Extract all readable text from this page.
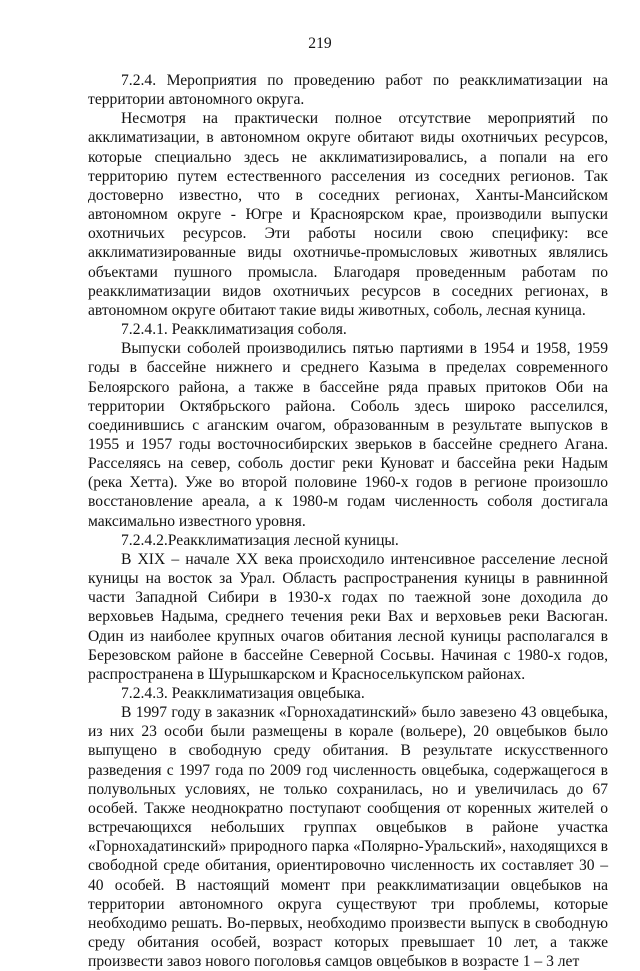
219

7.2.4. Мероприятия по проведению работ по реакклиматизации на территории автономного округа.

Несмотря на практически полное отсутствие мероприятий по акклиматизации, в автономном округе обитают виды охотничьих ресурсов, которые специально здесь не акклиматизировались, а попали на его территорию путем естественного расселения из соседних регионов. Так достоверно известно, что в соседних регионах, Ханты-Мансийском автономном округе - Югре и Красноярском крае, производили выпуски охотничьих ресурсов. Эти работы носили свою специфику: все акклиматизированные виды охотничье-промысловых животных являлись объектами пушного промысла. Благодаря проведенным работам по реакклиматизации видов охотничьих ресурсов в соседних регионах, в автономном округе обитают такие виды животных, соболь, лесная куница.

7.2.4.1. Реакклиматизация соболя.

Выпуски соболей производились пятью партиями в 1954 и 1958, 1959 годы в бассейне нижнего и среднего Казыма в пределах современного Белоярского района, а также в бассейне ряда правых притоков Оби на территории Октябрьского района. Соболь здесь широко расселился, соединившись с аганским очагом, образованным в результате выпусков в 1955 и 1957 годы восточносибирских зверьков в бассейне среднего Агана. Расселяясь на север, соболь достиг реки Куноват и бассейна реки Надым (река Хетта). Уже во второй половине 1960-х годов в регионе произошло восстановление ареала, а к 1980-м годам численность соболя достигала максимально известного уровня.

7.2.4.2.Реакклиматизация лесной куницы.

В XIX – начале XX века происходило интенсивное расселение лесной куницы на восток за Урал. Область распространения куницы в равнинной части Западной Сибири в 1930-х годах по таежной зоне доходила до верховьев Надыма, среднего течения реки Вах и верховьев реки Васюган. Один из наиболее крупных очагов обитания лесной куницы располагался в Березовском районе в бассейне Северной Сосьвы. Начиная с 1980-х годов, распространена в Шурышкарском и Красноселькупском районах.

7.2.4.3. Реакклиматизация овцебыка.

В 1997 году в заказник «Горнохадатинский» было завезено 43 овцебыка, из них 23 особи были размещены в корале (вольере), 20 овцебыков было выпущено в свободную среду обитания. В результате искусственного разведения с 1997 года по 2009 год численность овцебыка, содержащегося в полувольных условиях, не только сохранилась, но и увеличилась до 67 особей. Также неоднократно поступают сообщения от коренных жителей о встречающихся небольших группах овцебыков в районе участка «Горнохадатинский» природного парка «Полярно-Уральский», находящихся в свободной среде обитания, ориентировочно численность их составляет 30 – 40 особей. В настоящий момент при реакклиматизации овцебыков на территории автономного округа существуют три проблемы, которые необходимо решать. Во-первых, необходимо произвести выпуск в свободную среду обитания особей, возраст которых превышает 10 лет, а также произвести завоз нового поголовья самцов овцебыков в возрасте 1 – 3 лет
